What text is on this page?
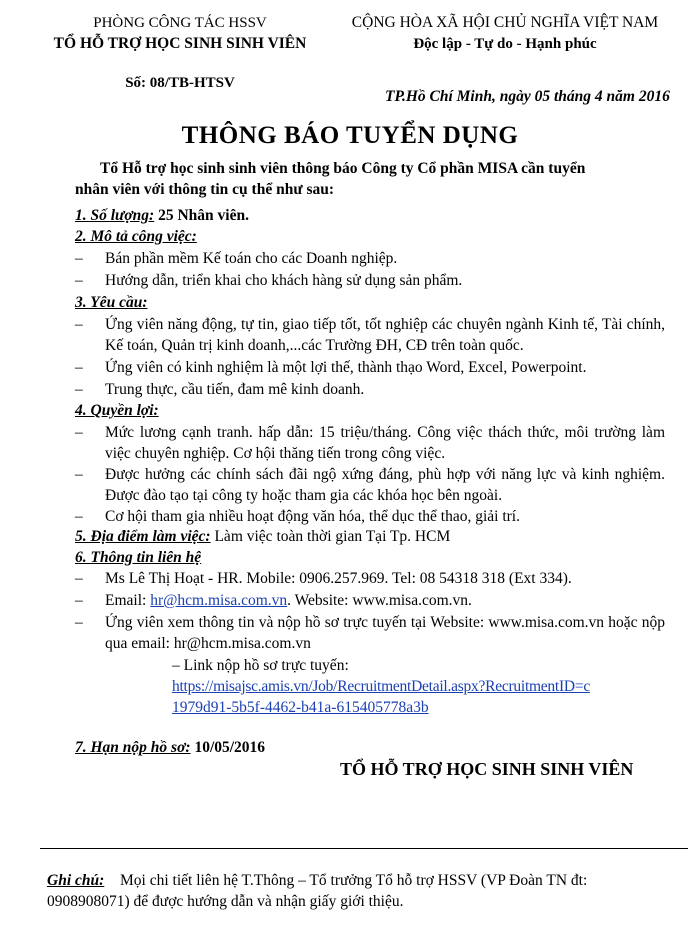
PHÒNG CÔNG TÁC HSSV
TỔ HỖ TRỢ HỌC SINH SINH VIÊN
Số: 08/TB-HTSV
CỘNG HÒA XÃ HỘI CHỦ NGHĨA VIỆT NAM
Độc lập - Tự do - Hạnh phúc
TP.Hồ Chí Minh, ngày 05 tháng 4 năm 2016
THÔNG BÁO TUYỂN DỤNG
Tổ Hỗ trợ học sinh sinh viên thông báo Công ty Cổ phần MISA cần tuyển
nhân viên với thông tin cụ thể như sau:
1. Số lượng: 25 Nhân viên.
2. Mô tả công việc:
–	Bán phần mềm Kế toán cho các Doanh nghiệp.
–	Hướng dẫn, triển khai cho khách hàng sử dụng sản phẩm.
3. Yêu cầu:
–	Ứng viên năng động, tự tin, giao tiếp tốt, tốt nghiệp các chuyên ngành Kinh tế, Tài chính, Kế toán, Quản trị kinh doanh,...các Trường ĐH, CĐ trên toàn quốc.
–	Ứng viên có kinh nghiệm là một lợi thế, thành thạo Word, Excel, Powerpoint.
–	Trung thực, cầu tiến, đam mê kinh doanh.
4. Quyền lợi:
–	Mức lương cạnh tranh. hấp dẫn: 15 triệu/tháng. Công việc thách thức, môi trường làm việc chuyên nghiệp. Cơ hội thăng tiến trong công việc.
–	Được hưởng các chính sách đãi ngộ xứng đáng, phù hợp với năng lực và kinh nghiệm. Được đào tạo tại công ty hoặc tham gia các khóa học bên ngoài.
–	Cơ hội tham gia nhiều hoạt động văn hóa, thể dục thể thao, giải trí.
5. Địa điểm làm việc: Làm việc toàn thời gian Tại Tp. HCM
6. Thông tin liên hệ
–	Ms Lê Thị Hoạt - HR. Mobile: 0906.257.969. Tel: 08 54318 318 (Ext 334).
–	Email: hr@hcm.misa.com.vn. Website: www.misa.com.vn.
–	Ứng viên xem thông tin và nộp hồ sơ trực tuyến tại Website: www.misa.com.vn hoặc nộp qua email: hr@hcm.misa.com.vn
– Link nộp hồ sơ trực tuyến:
https://misajsc.amis.vn/Job/RecruitmentDetail.aspx?RecruitmentID=c
1979d91-5b5f-4462-b41a-615405778a3b
7. Hạn nộp hồ sơ: 10/05/2016
TỔ HỖ TRỢ HỌC SINH SINH VIÊN
Ghi chú: Mọi chi tiết liên hệ T.Thông – Tổ trưởng Tổ hỗ trợ HSSV (VP Đoàn TN đt:
0908908071) để được hướng dẫn và nhận giấy giới thiệu.
